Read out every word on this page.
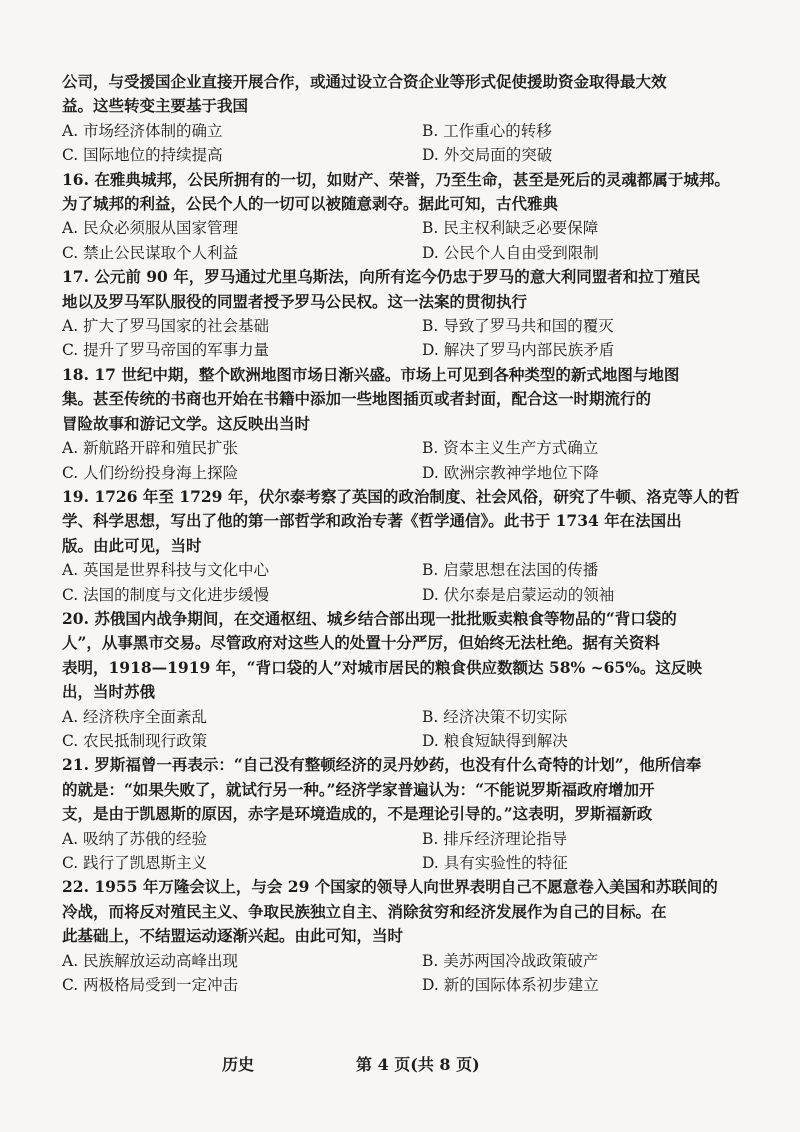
公司，与受援国企业直接开展合作，或通过设立合资企业等形式促使援助资金取得最大效

益。这些转变主要基于我国

A. 市场经济体制的确立	B. 工作重心的转移
C. 国际地位的持续提高	D. 外交局面的突破

16. 在雅典城邦，公民所拥有的一切，如财产、荣誉，乃至生命，甚至是死后的灵魂都属于城邦。

为了城邦的利益，公民个人的一切可以被随意剥夺。据此可知，古代雅典

A. 民众必须服从国家管理	B. 民主权利缺乏必要保障
C. 禁止公民谋取个人利益	D. 公民个人自由受到限制

17. 公元前 90 年，罗马通过尤里乌斯法，向所有迄今仍忠于罗马的意大利同盟者和拉丁殖民

地以及罗马军队服役的同盟者授予罗马公民权。这一法案的贯彻执行

A. 扩大了罗马国家的社会基础	B. 导致了罗马共和国的覆灭
C. 提升了罗马帝国的军事力量	D. 解决了罗马内部民族矛盾

18. 17 世纪中期，整个欧洲地图市场日渐兴盛。市场上可见到各种类型的新式地图与地图

集。甚至传统的书商也开始在书籍中添加一些地图插页或者封面，配合这一时期流行的

冒险故事和游记文学。这反映出当时

A. 新航路开辟和殖民扩张	B. 资本主义生产方式确立
C. 人们纷纷投身海上探险	D. 欧洲宗教神学地位下降

19. 1726 年至 1729 年，伏尔泰考察了英国的政治制度、社会风俗，研究了牛顿、洛克等人的哲

学、科学思想，写出了他的第一部哲学和政治专著《哲学通信》。此书于 1734 年在法国出

版。由此可见，当时

A. 英国是世界科技与文化中心	B. 启蒙思想在法国的传播
C. 法国的制度与文化进步缓慢	D. 伏尔泰是启蒙运动的领袖

20. 苏俄国内战争期间，在交通枢纽、城乡结合部出现一批批贩卖粮食等物品的“背口袋的

人”，从事黑市交易。尽管政府对这些人的处置十分严厉，但始终无法杜绝。据有关资料

表明，1918—1919 年，“背口袋的人”对城市居民的粮食供应数额达 58% ~65%。这反映

出，当时苏俄

A. 经济秩序全面紊乱	B. 经济决策不切实际
C. 农民抵制现行政策	D. 粮食短缺得到解决

21. 罗斯福曾一再表示：“自己没有整顿经济的灵丹妙药，也没有什么奇特的计划”，他所信奉

的就是：“如果失败了，就试行另一种。”经济学家普遍认为：“不能说罗斯福政府增加开

支，是由于凯恩斯的原因，赤字是环境造成的，不是理论引导的。”这表明，罗斯福新政

A. 吸纳了苏俄的经验	B. 排斥经济理论指导
C. 践行了凯恩斯主义	D. 具有实验性的特征

22. 1955 年万隆会议上，与会 29 个国家的领导人向世界表明自己不愿意卷入美国和苏联间的

冷战，而将反对殖民主义、争取民族独立自主、消除贫穷和经济发展作为自己的目标。在

此基础上，不结盟运动逐渐兴起。由此可知，当时

A. 民族解放运动高峰出现	B. 美苏两国冷战政策破产
C. 两极格局受到一定冲击	D. 新的国际体系初步建立
历史	第 4 页(共 8 页)
